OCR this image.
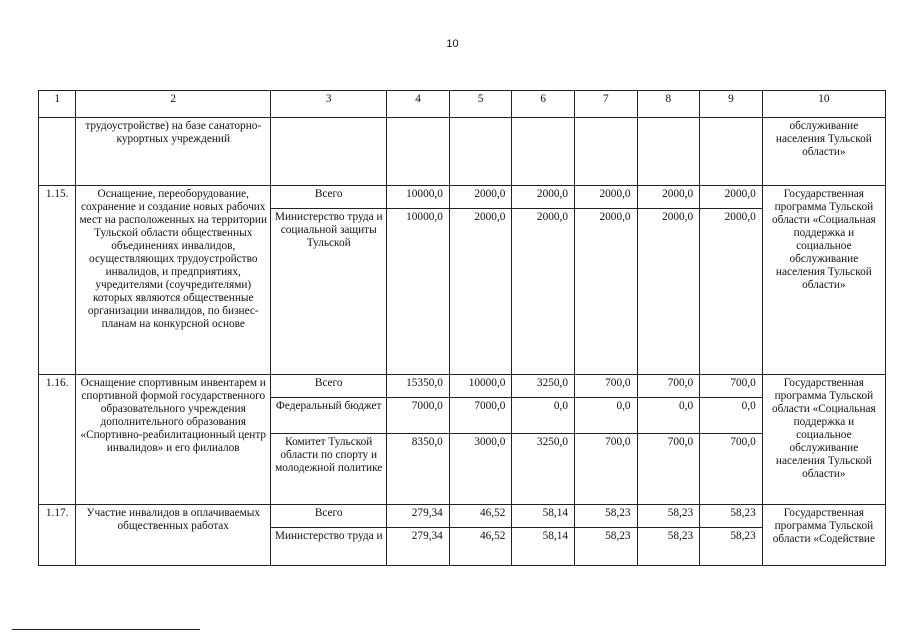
10
1	2	3	4	5	6	7	8	9	10
	трудоустройстве) на базе санаторно-курортных учреждений								обслуживание населения Тульской области»
1.15.	Оснащение, переоборудование, сохранение и создание новых рабочих мест на расположенных на территории Тульской области общественных объединениях инвалидов, осуществляющих трудоустройство инвалидов, и предприятиях, учредителями (соучредителями) которых являются общественные организации инвалидов, по бизнес-планам на конкурсной основе	Всего	10000,0	2000,0	2000,0	2000,0	2000,0	2000,0	Государственная программа Тульской области «Социальная поддержка и социальное обслуживание населения Тульской области»
		Министерство труда и социальной защиты Тульской	10000,0	2000,0	2000,0	2000,0	2000,0	2000,0	
1.16.	Оснащение спортивным инвентарем и спортивной формой государственного образовательного учреждения дополнительного образования «Спортивно-реабилитационный центр инвалидов» и его филиалов	Всего	15350,0	10000,0	3250,0	700,0	700,0	700,0	Государственная программа Тульской области «Социальная поддержка и социальное обслуживание населения Тульской области»
		Федеральный бюджет	7000,0	7000,0	0,0	0,0	0,0	0,0	
		Комитет Тульской области по спорту и молодежной политике	8350,0	3000,0	3250,0	700,0	700,0	700,0	
1.17.	Участие инвалидов в оплачиваемых общественных работах	Всего	279,34	46,52	58,14	58,23	58,23	58,23	Государственная программа Тульской области «Содействие
		Министерство труда и	279,34	46,52	58,14	58,23	58,23	58,23	
